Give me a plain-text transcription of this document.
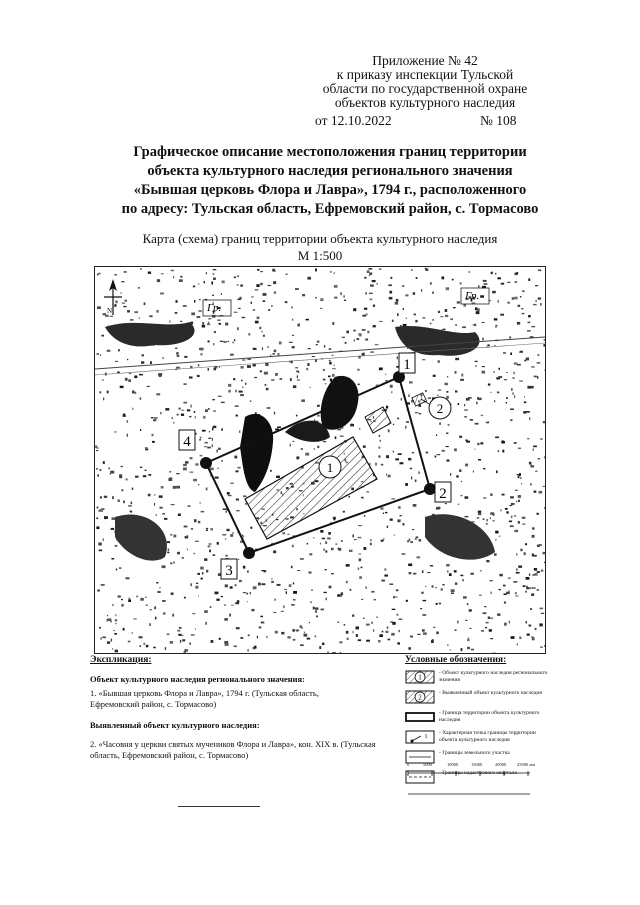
Приложение № 42
к приказу инспекции Тульской
области по государственной охране
объектов культурного наследия
от 12.10.2022	№ 108
Графическое описание местоположения границ территории
объекта культурного наследия регионального значения
«Бывшая церковь Флора и Лавра», 1794 г., расположенного
по адресу: Тульская область, Ефремовский район, с. Тормасово
Карта (схема) границ территории объекта культурного наследия
М 1:500
Гр.
Гр.
N
1
2
1
2
3
4
Экспликация:
Объект культурного наследия регионального значения:
1. «Бывшая церковь Флора и Лавра», 1794 г. (Тульская область, Ефремовский район, с. Тормасово)
Выявленный объект культурного наследия:
2. «Часовня у церкви святых мучеников Флора и Лавра», кон. XIX в. (Тульская область, Ефремовский район, с. Тормасово)
Условные обозначения:
1
- Объект культурного наследия регионального значения
2
- Выявленный объект культурного наследия
- Граница территории объекта культурного наследия
1
- Характерная точка границы территории объекта культурного наследия
- Границы земельного участка
- Границы кадастрового квартала
0	5000	10000	15000	20000 25000 мм
